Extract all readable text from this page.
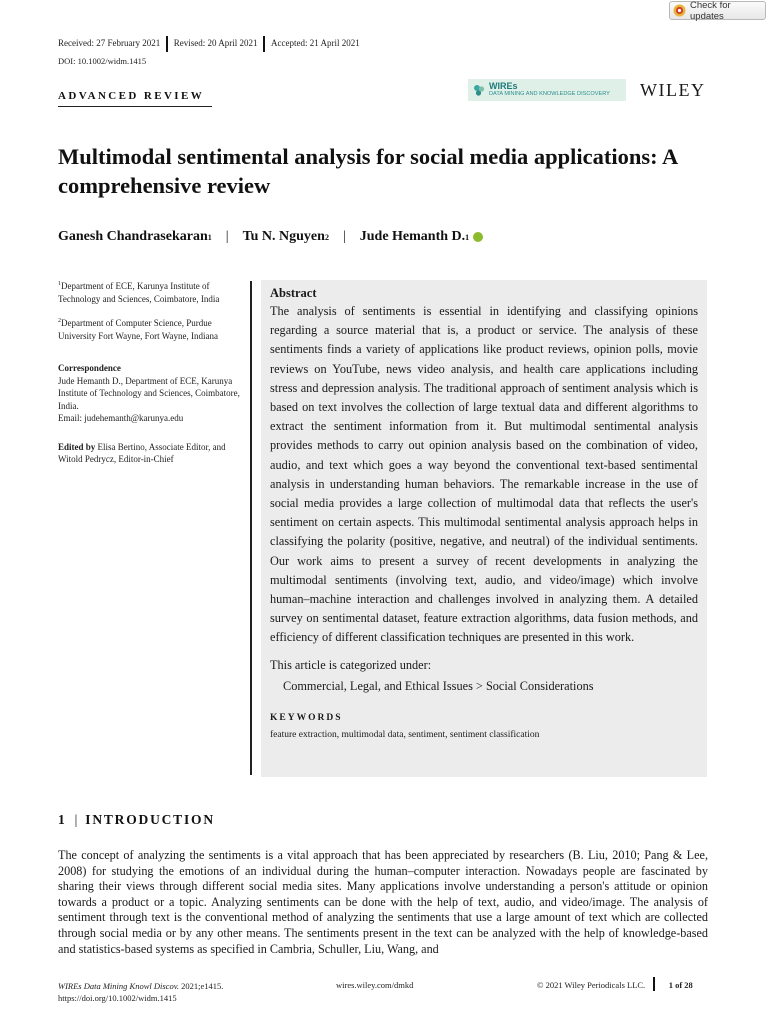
Check for updates
Received: 27 February 2021 Revised: 20 April 2021 Accepted: 21 April 2021
DOI: 10.1002/widm.1415
ADVANCED REVIEW
WIREs
DATA MINING AND KNOWLEDGE DISCOVERY WILEY
Multimodal sentimental analysis for social media applications: A comprehensive review
Ganesh Chandrasekaran 1 | Tu N. Nguyen 2 | Jude Hemanth D. 1

$^1$Department of ECE, Karunya Institute of Technology and Sciences, Coimbatore, India

$^2$Department of Computer Science, Purdue University Fort Wayne, Fort Wayne, Indiana

Correspondence
Jude Hemanth D., Department of ECE, Karunya Institute of Technology and Sciences, Coimbatore, India.
Email: judehemanth@karunya.edu

Edited by Elisa Bertino, Associate Editor, and Witold Pedrycz, Editor-in-Chief

Abstract

The analysis of sentiments is essential in identifying and classifying opinions regarding a source material that is, a product or service. The analysis of these sentiments finds a variety of applications like product reviews, opinion polls, movie reviews on YouTube, news video analysis, and health care applications including stress and depression analysis. The traditional approach of sentiment analysis which is based on text involves the collection of large textual data and different algorithms to extract the sentiment information from it. But multimodal sentimental analysis provides methods to carry out opinion analysis based on the combination of video, audio, and text which goes a way beyond the conventional text-based sentimental analysis in understanding human behaviors. The remarkable increase in the use of social media provides a large collection of multimodal data that reflects the user's sentiment on certain aspects. This multimodal sentimental analysis approach helps in classifying the polarity (positive, negative, and neutral) of the individual sentiments. Our work aims to present a survey of recent developments in analyzing the multimodal sentiments (involving text, audio, and video/image) which involve human–machine interaction and challenges involved in analyzing them. A detailed survey on sentimental dataset, feature extraction algorithms, data fusion methods, and efficiency of different classification techniques are presented in this work.

This article is categorized under:

Commercial, Legal, and Ethical Issues > Social Considerations

KEYWORDS

feature extraction, multimodal data, sentiment, sentiment classification

1 | INTRODUCTION

The concept of analyzing the sentiments is a vital approach that has been appreciated by researchers (B. Liu, 2010; Pang & Lee, 2008) for studying the emotions of an individual during the human–computer interaction. Nowadays people are fascinated by sharing their views through different social media sites. Many applications involve understanding a person's attitude or opinion towards a product or a topic. Analyzing sentiments can be done with the help of text, audio, and video/image. The analysis of sentiment through text is the conventional method of analyzing the sentiments that use a large amount of text which are collected through social media or by any other means. The sentiments present in the text can be analyzed with the help of knowledge-based and statistics-based systems as specified in Cambria, Schuller, Liu, Wang, and

WIREs Data Mining Knowl Discov. 2021;e1415.
https://doi.org/10.1002/widm.1415
wires.wiley.com/dmkd	© 2021 Wiley Periodicals LLC.	1 of 28
